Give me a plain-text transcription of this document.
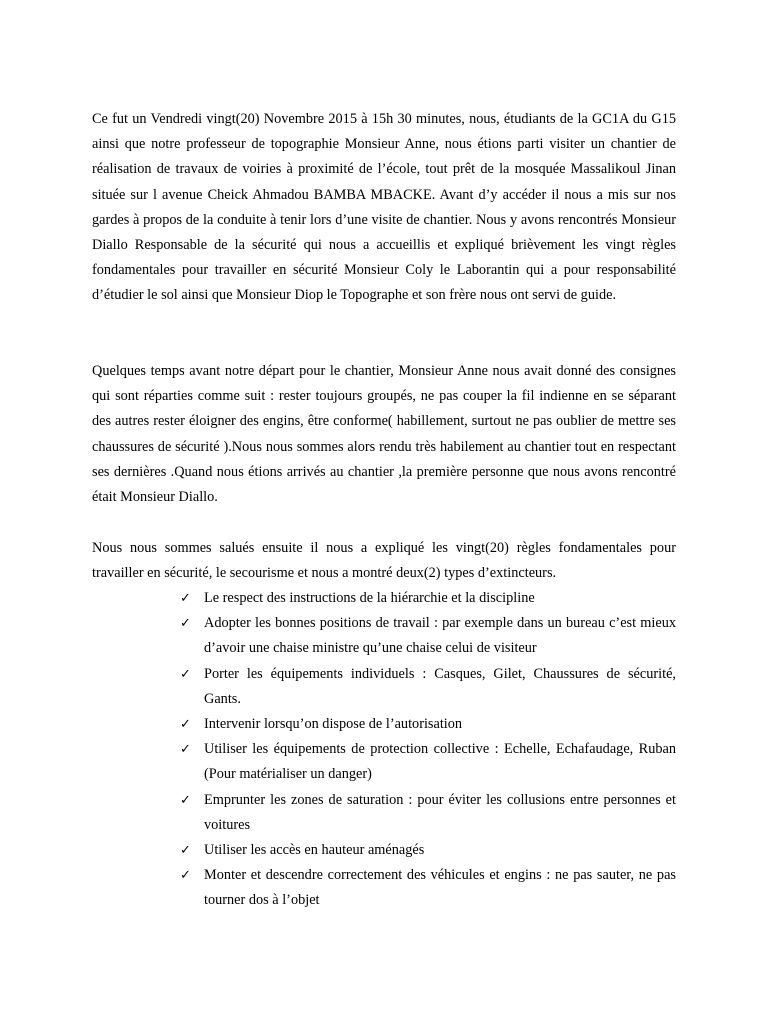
Ce fut un Vendredi vingt(20) Novembre 2015 à 15h 30 minutes, nous, étudiants de la GC1A du G15 ainsi que notre professeur de topographie Monsieur Anne, nous étions parti visiter un chantier de réalisation de travaux de voiries à proximité de l’école, tout prêt de la mosquée Massalikoul Jinan située sur l avenue Cheick Ahmadou BAMBA MBACKE. Avant d’y accéder il nous a mis sur nos gardes à propos de la conduite à tenir lors d’une visite de chantier. Nous y avons rencontrés Monsieur Diallo Responsable de la sécurité qui nous a accueillis et expliqué brièvement les vingt règles fondamentales pour travailler en sécurité Monsieur Coly le Laborantin qui a pour responsabilité d’étudier le sol ainsi que Monsieur Diop le Topographe et son frère nous ont servi de guide.

Quelques temps avant notre départ pour le chantier, Monsieur Anne nous avait donné des consignes qui sont réparties comme suit : rester toujours groupés, ne pas couper la fil indienne en se séparant des autres rester éloigner des engins, être conforme( habillement, surtout ne pas oublier de mettre ses chaussures de sécurité ).Nous nous sommes alors rendu très habilement au chantier tout en respectant ses dernières .Quand nous étions arrivés au chantier ,la première personne que nous avons rencontré était Monsieur Diallo.

Nous nous sommes salués ensuite il nous a expliqué les vingt(20) règles fondamentales pour travailler en sécurité, le secourisme et nous a montré deux(2) types d’extincteurs.

✓ Le respect des instructions de la hiérarchie et la discipline
✓ Adopter les bonnes positions de travail : par exemple dans un bureau c’est mieux d’avoir une chaise ministre qu’une chaise celui de visiteur
✓ Porter les équipements individuels : Casques, Gilet, Chaussures de sécurité, Gants.
✓ Intervenir lorsqu’on dispose de l’autorisation
✓ Utiliser les équipements de protection collective : Echelle, Echafaudage, Ruban (Pour matérialiser un danger)
✓ Emprunter les zones de saturation : pour éviter les collusions entre personnes et voitures
✓ Utiliser les accès en hauteur aménagés
✓ Monter et descendre correctement des véhicules et engins : ne pas sauter, ne pas tourner dos à l’objet
